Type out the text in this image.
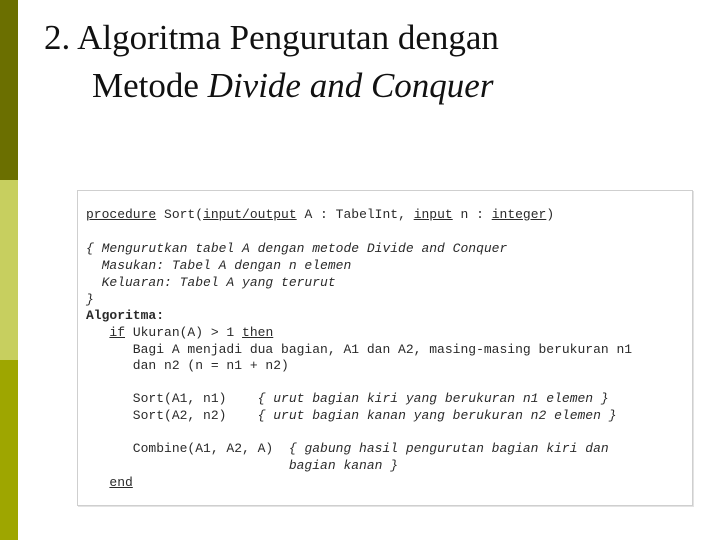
2. Algoritma Pengurutan dengan
Metode Divide and Conquer
procedure Sort(input/output A : TabelInt, input n : integer)
{ Mengurutkan tabel A dengan metode Divide and Conquer
Masukan: Tabel A dengan n elemen
Keluaran: Tabel A yang terurut
}
Algoritma:
if Ukuran(A) > 1 then
Bagi A menjadi dua bagian, A1 dan A2, masing-masing berukuran n1
dan n2 (n = n1 + n2)
Sort(A1, n1)    { urut bagian kiri yang berukuran n1 elemen }
Sort(A2, n2)    { urut bagian kanan yang berukuran n2 elemen }
Combine(A1, A2, A)  { gabung hasil pengurutan bagian kiri dan
bagian kanan }
end
